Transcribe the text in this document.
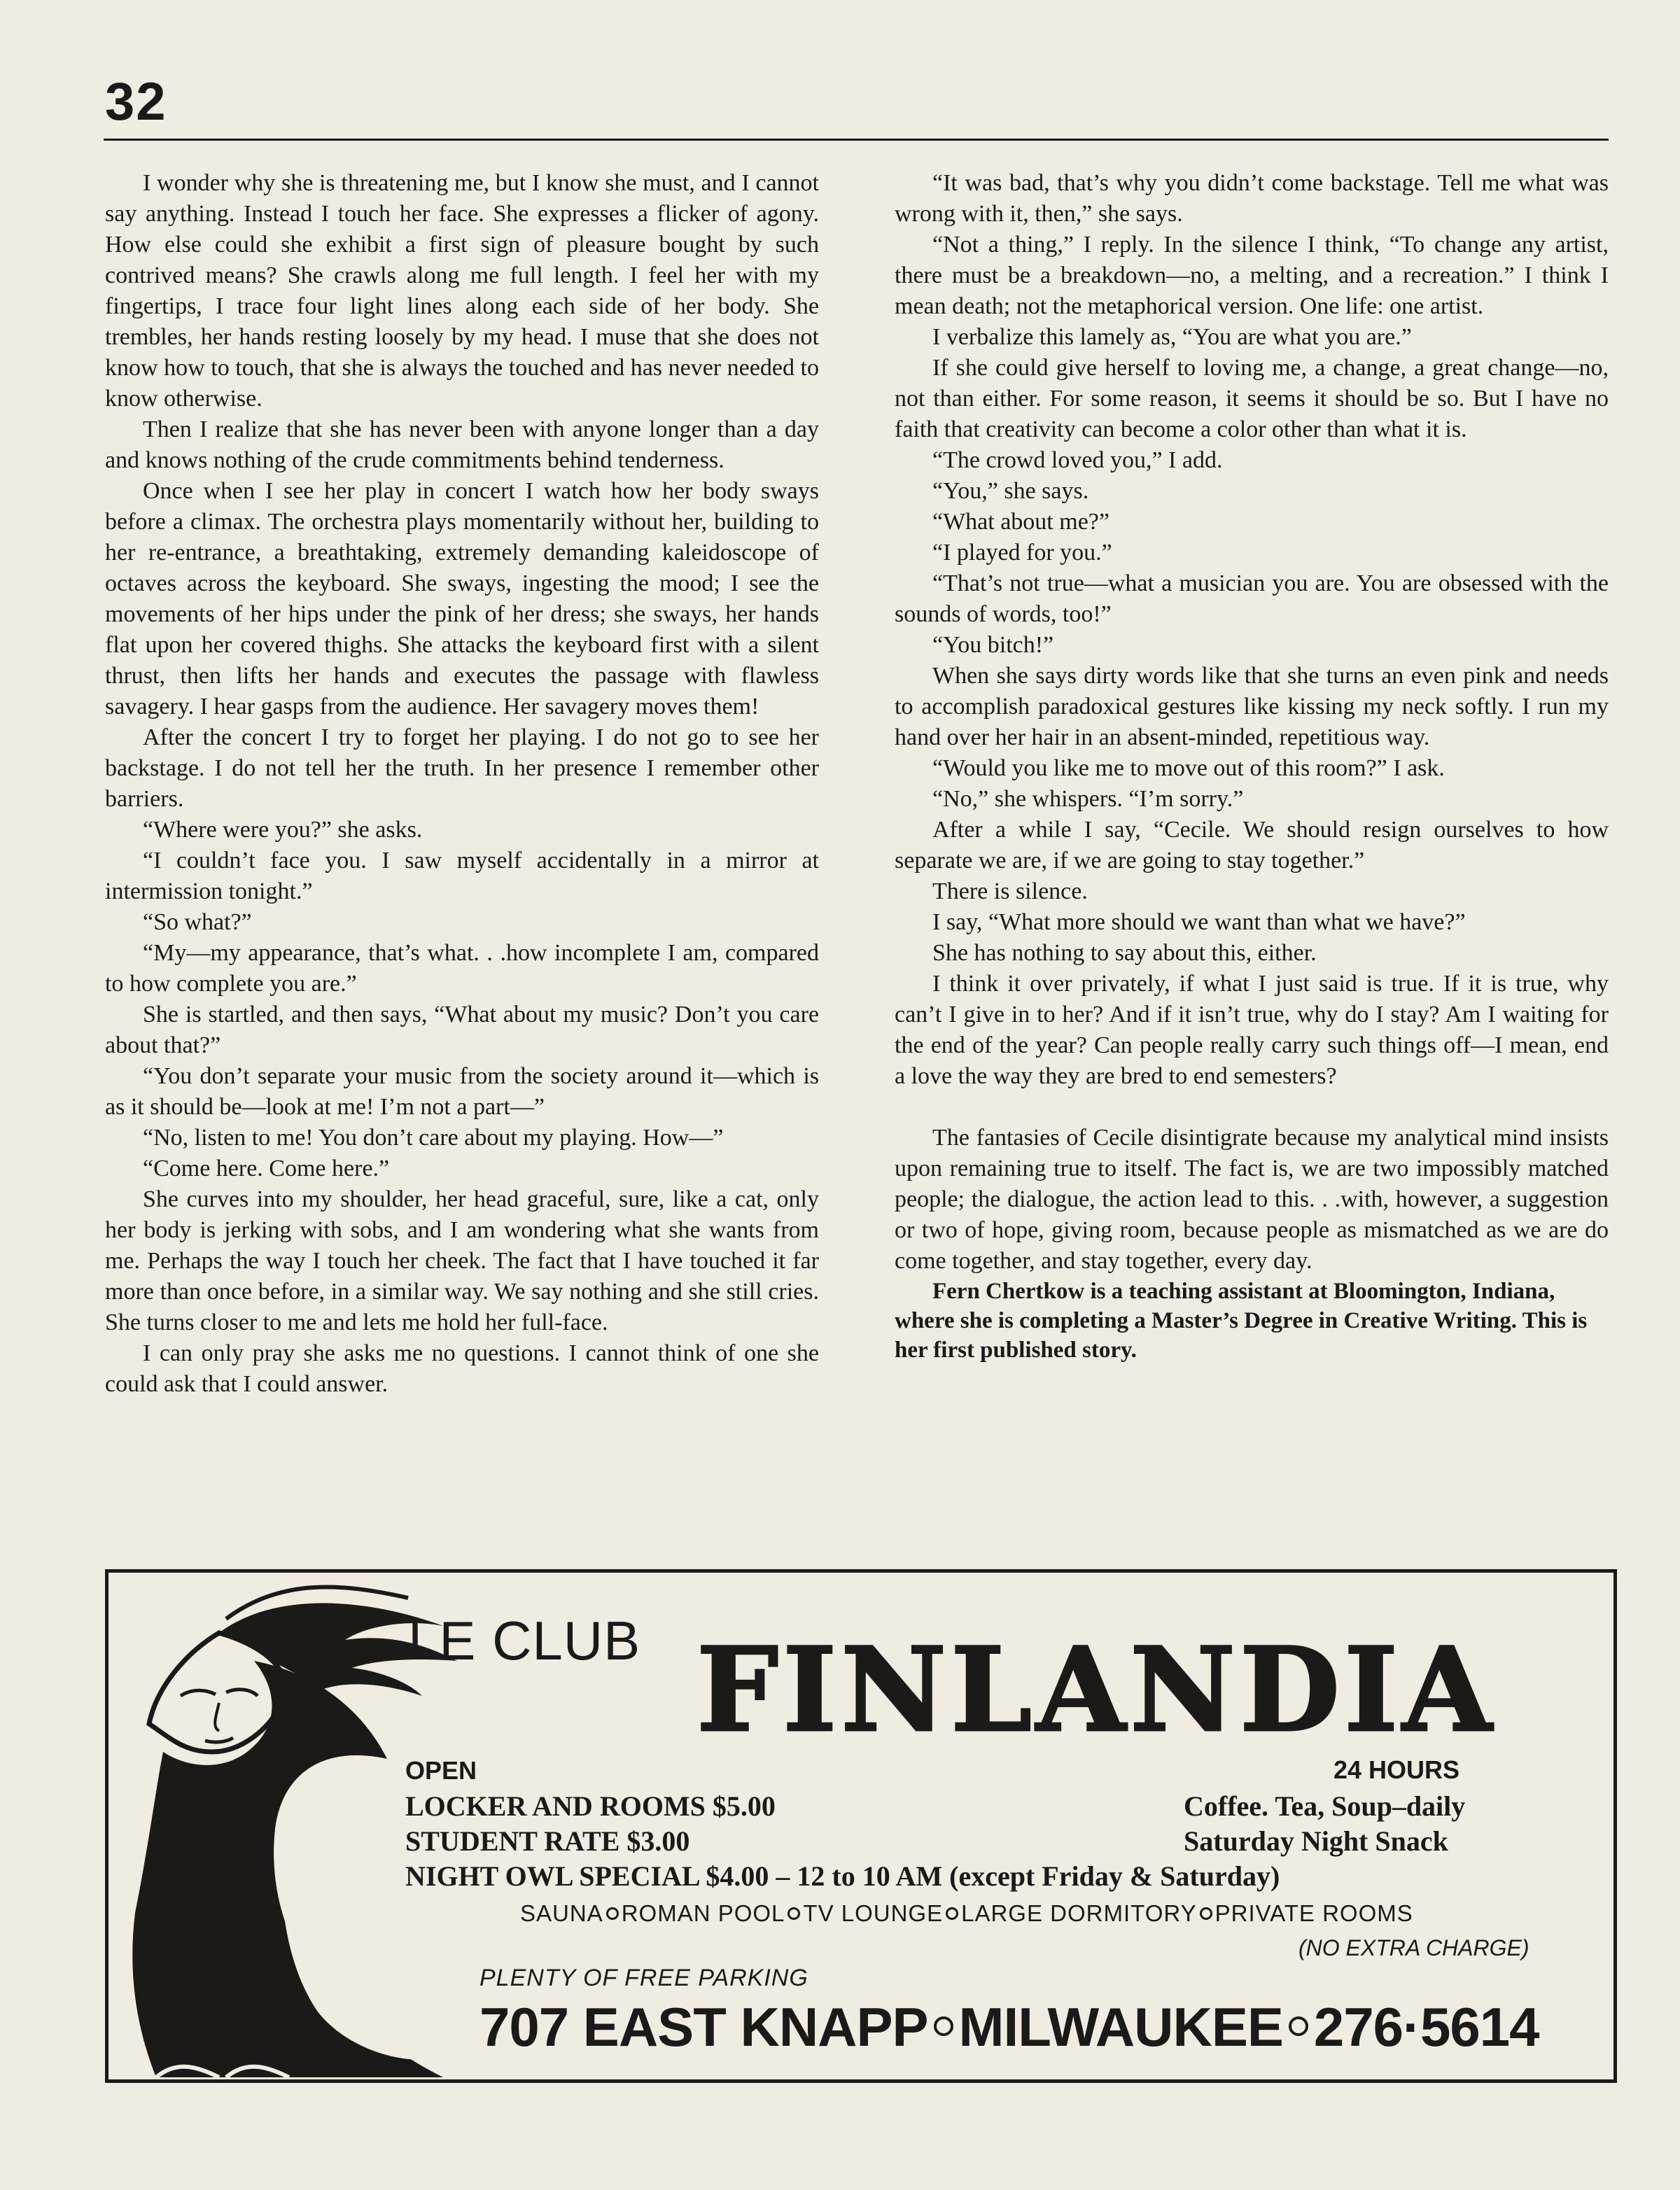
32

I wonder why she is threatening me, but I know she must, and I cannot say anything. Instead I touch her face. She expresses a flicker of agony. How else could she exhibit a first sign of pleasure bought by such contrived means? She crawls along me full length. I feel her with my fingertips, I trace four light lines along each side of her body. She trembles, her hands resting loosely by my head. I muse that she does not know how to touch, that she is always the touched and has never needed to know otherwise.

Then I realize that she has never been with anyone longer than a day and knows nothing of the crude commitments behind tenderness.

Once when I see her play in concert I watch how her body sways before a climax. The orchestra plays momentarily without her, building to her re-entrance, a breathtaking, extremely demanding kaleidoscope of octaves across the keyboard. She sways, ingesting the mood; I see the movements of her hips under the pink of her dress; she sways, her hands flat upon her covered thighs. She attacks the keyboard first with a silent thrust, then lifts her hands and executes the passage with flawless savagery. I hear gasps from the audience. Her savagery moves them!

After the concert I try to forget her playing. I do not go to see her backstage. I do not tell her the truth. In her presence I remember other barriers.

“Where were you?” she asks.

“I couldn’t face you. I saw myself accidentally in a mirror at intermission tonight.”

“So what?”

“My—my appearance, that’s what. . .how incomplete I am, compared to how complete you are.”

She is startled, and then says, “What about my music? Don’t you care about that?”

“You don’t separate your music from the society around it—which is as it should be—look at me! I’m not a part—”

“No, listen to me! You don’t care about my playing. How—”

“Come here. Come here.”

She curves into my shoulder, her head graceful, sure, like a cat, only her body is jerking with sobs, and I am wondering what she wants from me. Perhaps the way I touch her cheek. The fact that I have touched it far more than once before, in a similar way. We say nothing and she still cries. She turns closer to me and lets me hold her full-face.

I can only pray she asks me no questions. I cannot think of one she could ask that I could answer.

“It was bad, that’s why you didn’t come backstage. Tell me what was wrong with it, then,” she says.

“Not a thing,” I reply. In the silence I think, “To change any artist, there must be a breakdown—no, a melting, and a recreation.” I think I mean death; not the metaphorical version. One life: one artist.

I verbalize this lamely as, “You are what you are.”

If she could give herself to loving me, a change, a great change—no, not than either. For some reason, it seems it should be so. But I have no faith that creativity can become a color other than what it is.

“The crowd loved you,” I add.

“You,” she says.

“What about me?”

“I played for you.”

“That’s not true—what a musician you are. You are obsessed with the sounds of words, too!”

“You bitch!”

When she says dirty words like that she turns an even pink and needs to accomplish paradoxical gestures like kissing my neck softly. I run my hand over her hair in an absent-minded, repetitious way.

“Would you like me to move out of this room?” I ask.

“No,” she whispers. “I’m sorry.”

After a while I say, “Cecile. We should resign ourselves to how separate we are, if we are going to stay together.”

There is silence.

I say, “What more should we want than what we have?”

She has nothing to say about this, either.

I think it over privately, if what I just said is true. If it is true, why can’t I give in to her? And if it isn’t true, why do I stay? Am I waiting for the end of the year? Can people really carry such things off—I mean, end a love the way they are bred to end semesters?

The fantasies of Cecile disintigrate because my analytical mind insists upon remaining true to itself. The fact is, we are two impossibly matched people; the dialogue, the action lead to this. . .with, however, a suggestion or two of hope, giving room, because people as mismatched as we are do come together, and stay together, every day.

Fern Chertkow is a teaching assistant at Bloomington, Indiana, where she is completing a Master’s Degree in Creative Writing. This is her first published story.

LE CLUB FINLANDIA
OPEN	24 HOURS
LOCKER AND ROOMS $5.00
STUDENT RATE $3.00
Coffee. Tea, Soup–daily
Saturday Night Snack
NIGHT OWL SPECIAL $4.00 – 12 to 10 AM (except Friday & Saturday)
SAUNA ROMAN POOL TV LOUNGE LARGE DORMITORY PRIVATE ROOMS
(NO EXTRA CHARGE)
PLENTY OF FREE PARKING
707 EAST KNAPP MILWAUKEE 276·5614
